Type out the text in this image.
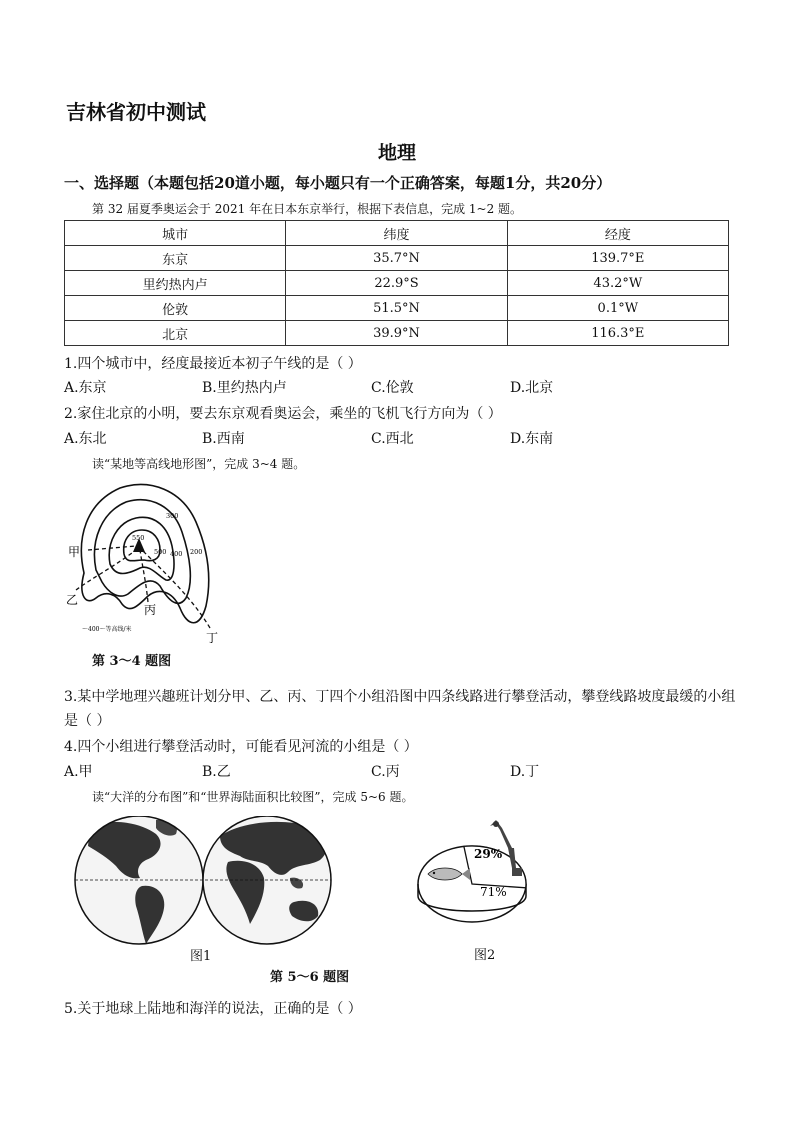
吉林省初中测试
地理
一、选择题（本题包括20道小题，每小题只有一个正确答案，每题1分，共20分）
第 32 届夏季奥运会于 2021 年在日本东京举行，根据下表信息，完成 1~2 题。
城市	纬度	经度
东京	35.7°N	139.7°E
里约热内卢	22.9°S	43.2°W
伦敦	51.5°N	0.1°W
北京	39.9°N	116.3°E
1.四个城市中，经度最接近本初子午线的是（ ）
A.东京	B.里约热内卢	C.伦敦	D.北京
2.家住北京的小明，要去东京观看奥运会，乘坐的飞机飞行方向为（ ）
A.东北	B.西南	C.西北	D.东南
读“某地等高线地形图”，完成 3~4 题。
300
550
500 400 200
甲
乙
丙
丁
～400～等高线/米
第 3～4 题图
3.某中学地理兴趣班计划分甲、乙、丙、丁四个小组沿图中四条线路进行攀登活动，攀登线路坡度最缓的小组
是（ ）
4.四个小组进行攀登活动时，可能看见河流的小组是（ ）
A.甲	B.乙	C.丙	D.丁
读“大洋的分布图”和“世界海陆面积比较图”，完成 5~6 题。
图1
第 5～6 题图
29%
71%
图2
5.关于地球上陆地和海洋的说法，正确的是（ ）
